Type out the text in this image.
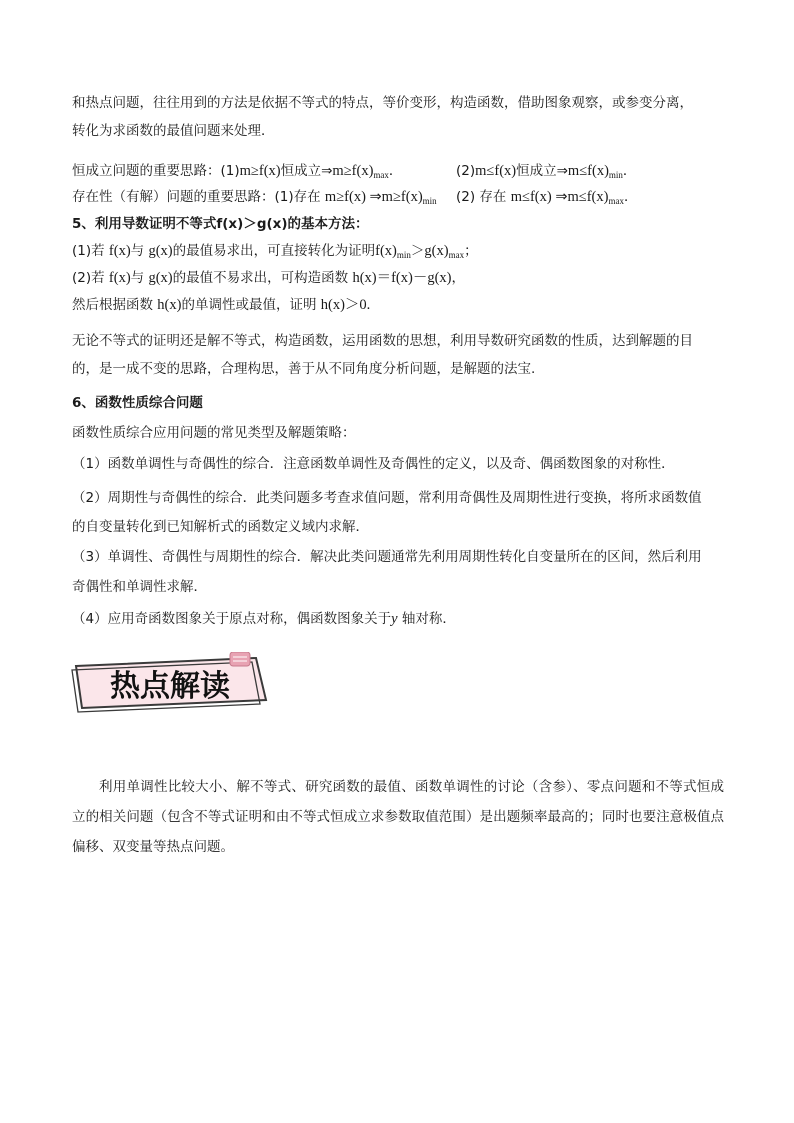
和热点问题，往往用到的方法是依据不等式的特点，等价变形，构造函数，借助图象观察，或参变分离，
转化为求函数的最值问题来处理．
恒成立问题的重要思路：(1)m≥f(x)恒成立$\Rightarrow m\ge f(x)_{max}$．	(2)m≤f(x)恒成立$\Rightarrow m\le f(x)_{min}$．
存在性（有解）问题的重要思路：(1)存在 m≥f(x) $\Rightarrow m\ge f(x)_{min}$ (2) 存在 m≤f(x) $\Rightarrow m\le f(x)_{max}$．
5、利用导数证明不等式f(x)＞g(x)的基本方法：
(1)若 f(x)与 g(x)的最值易求出，可直接转化为证明$f(x)_{min}>g(x)_{max}$；
(2)若 f(x)与 g(x)的最值不易求出，可构造函数 h(x)＝f(x)－g(x)，
然后根据函数 h(x)的单调性或最值，证明 h(x)＞0.
无论不等式的证明还是解不等式，构造函数，运用函数的思想，利用导数研究函数的性质，达到解题的目
的，是一成不变的思路，合理构思，善于从不同角度分析问题，是解题的法宝.
6、函数性质综合问题
函数性质综合应用问题的常见类型及解题策略：
（1）函数单调性与奇偶性的综合．注意函数单调性及奇偶性的定义，以及奇、偶函数图象的对称性．
（2）周期性与奇偶性的综合．此类问题多考查求值问题，常利用奇偶性及周期性进行变换，将所求函数值
的自变量转化到已知解析式的函数定义域内求解．
（3）单调性、奇偶性与周期性的综合．解决此类问题通常先利用周期性转化自变量所在的区间，然后利用
奇偶性和单调性求解．
（4）应用奇函数图象关于原点对称，偶函数图象关于y 轴对称．
热点解读
利用单调性比较大小、解不等式、研究函数的最值、函数单调性的讨论（含参）、零点问题和不等式恒成立的相关问题（包含不等式证明和由不等式恒成立求参数取值范围）是出题频率最高的；同时也要注意极值点偏移、双变量等热点问题。
